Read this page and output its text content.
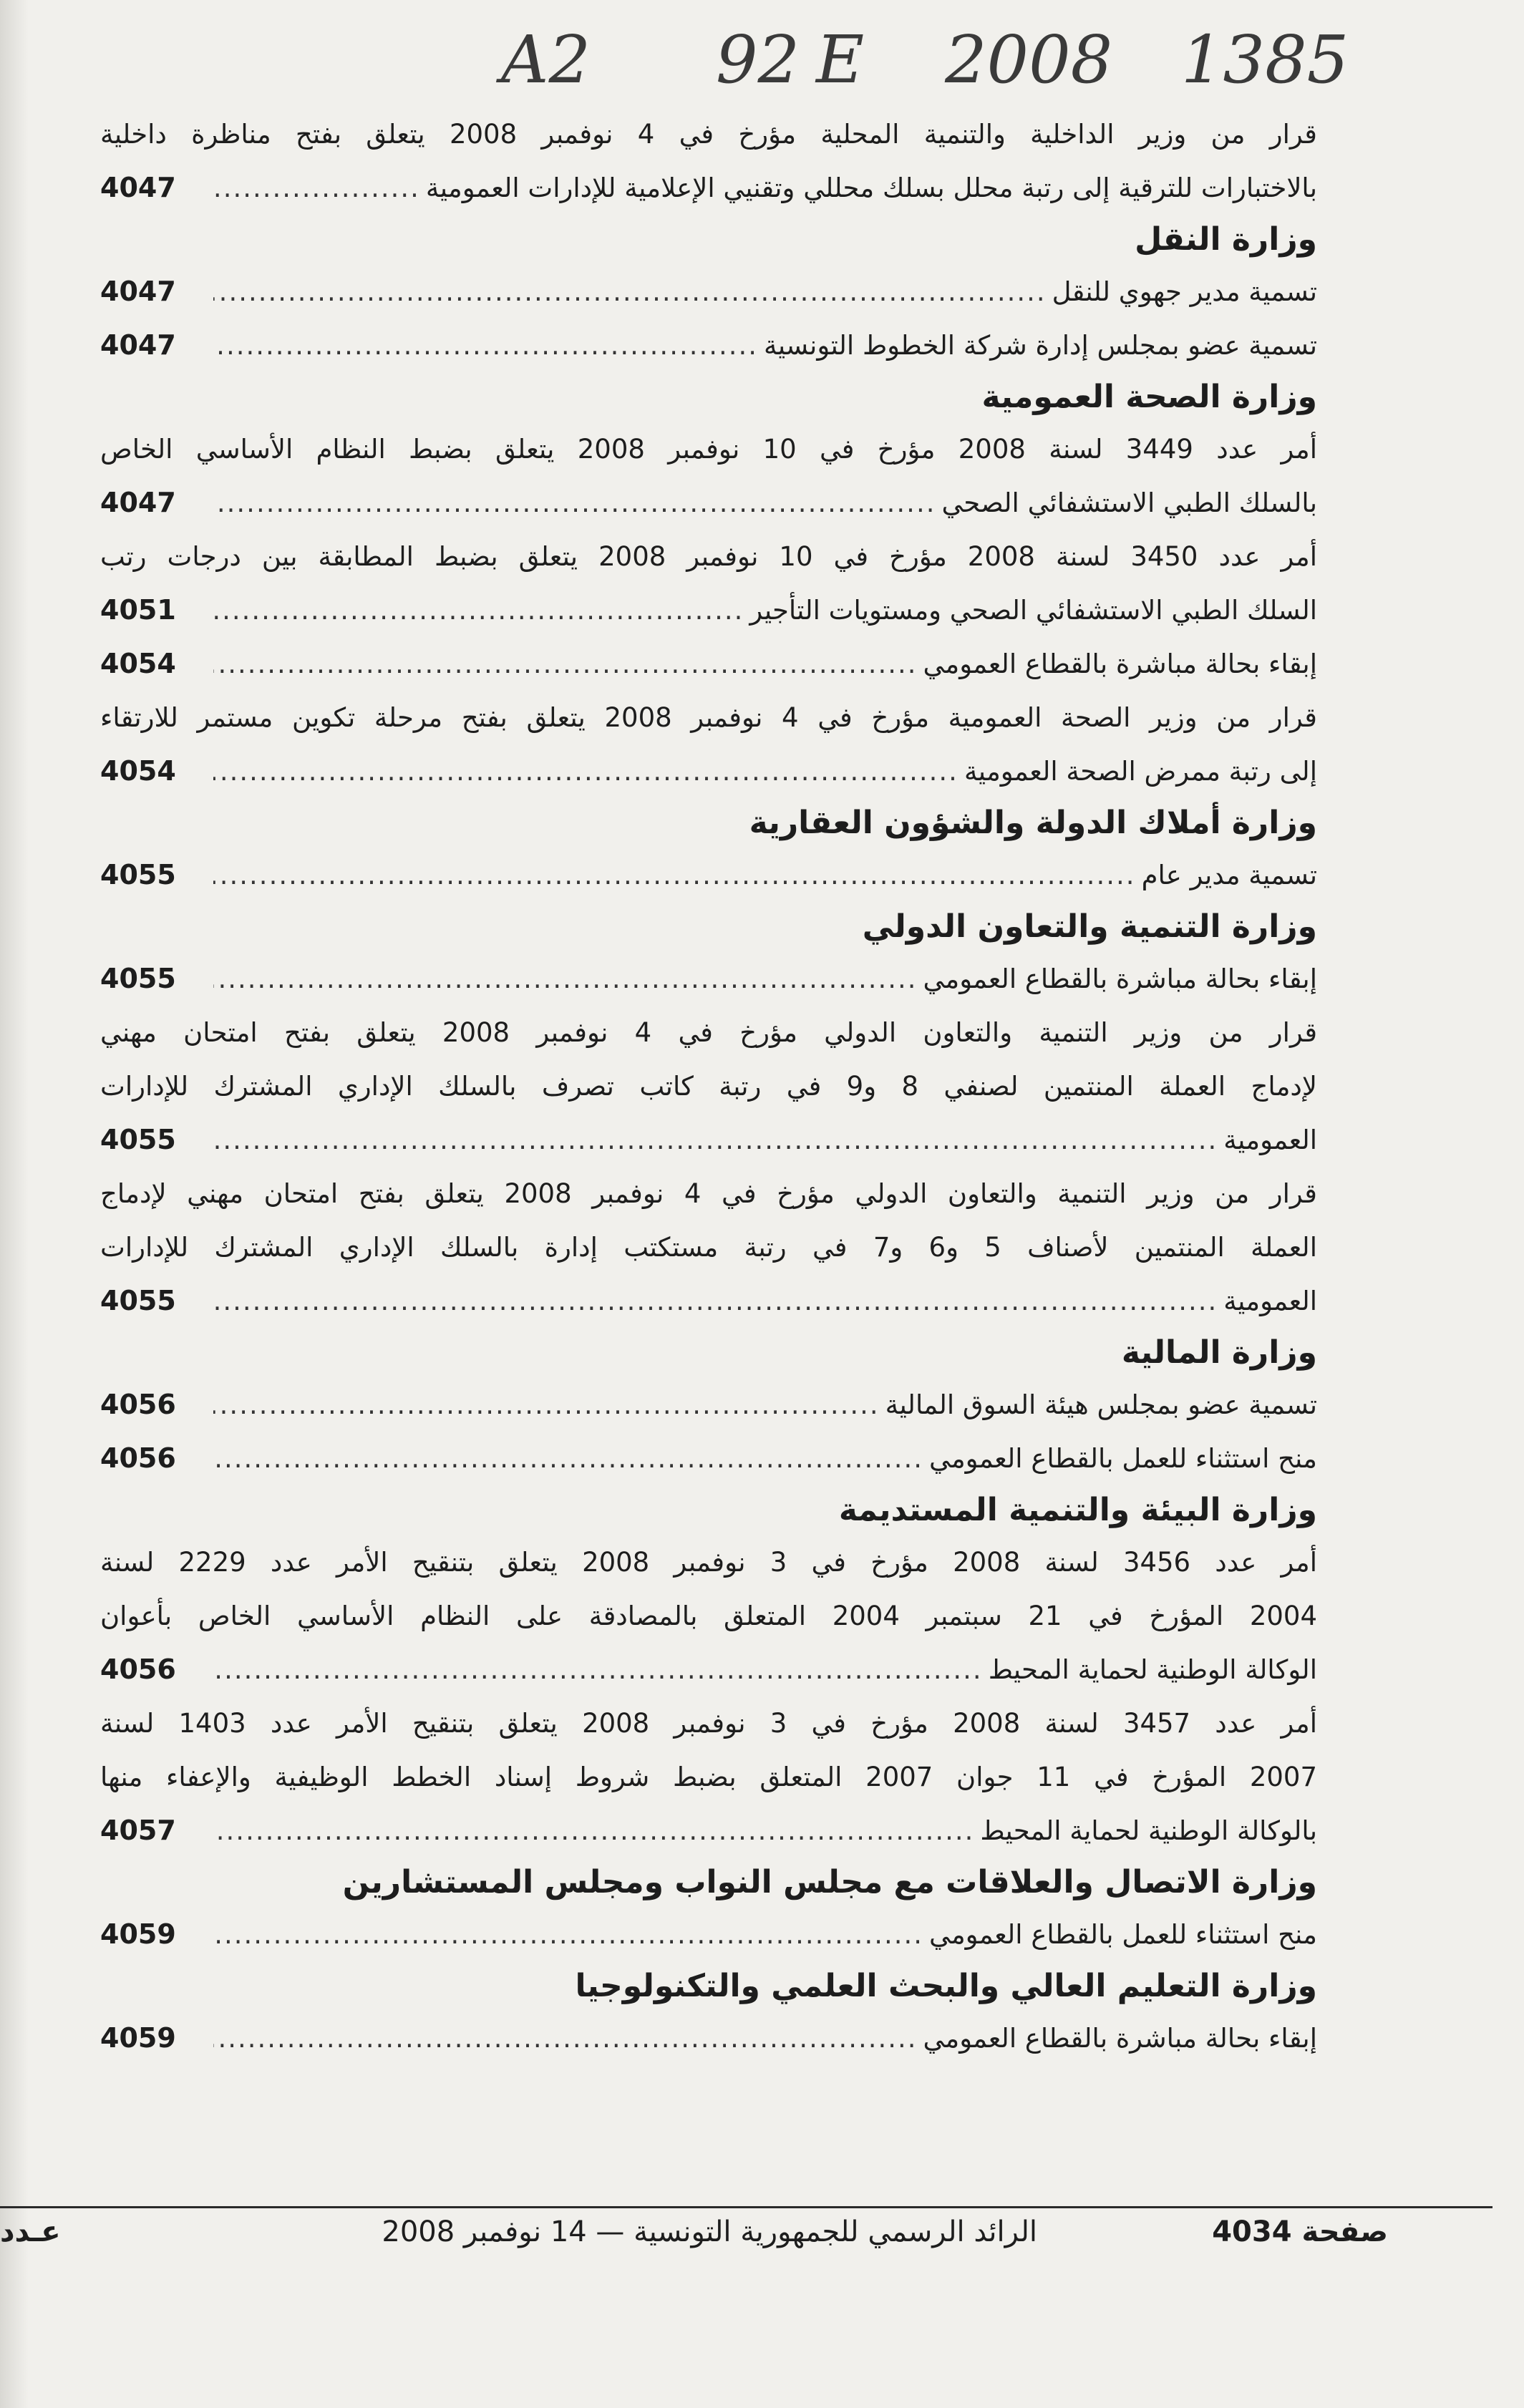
A2 92 E 2008 1385
قرار من وزير الداخلية والتنمية المحلية مؤرخ في 4 نوفمبر 2008 يتعلق بفتح مناظرة داخلية
بالاختبارات للترقية إلى رتبة محلل بسلك محللي وتقنيي الإعلامية للإدارات العمومية
.....
4047
وزارة النقل
تسمية مدير جهوي للنقل
.....
4047
تسمية عضو بمجلس إدارة شركة الخطوط التونسية
.....
4047
وزارة الصحة العمومية
أمر عدد 3449 لسنة 2008 مؤرخ في 10 نوفمبر 2008 يتعلق بضبط النظام الأساسي الخاص
بالسلك الطبي الاستشفائي الصحي
.....
4047
أمر عدد 3450 لسنة 2008 مؤرخ في 10 نوفمبر 2008 يتعلق بضبط المطابقة بين درجات رتب
السلك الطبي الاستشفائي الصحي ومستويات التأجير
.....
4051
إبقاء بحالة مباشرة بالقطاع العمومي
.....
4054
قرار من وزير الصحة العمومية مؤرخ في 4 نوفمبر 2008 يتعلق بفتح مرحلة تكوين مستمر للارتقاء
إلى رتبة ممرض الصحة العمومية
.....
4054
وزارة أملاك الدولة والشؤون العقارية
تسمية مدير عام
.....
4055
وزارة التنمية والتعاون الدولي
إبقاء بحالة مباشرة بالقطاع العمومي
.....
4055
قرار من وزير التنمية والتعاون الدولي مؤرخ في 4 نوفمبر 2008 يتعلق بفتح امتحان مهني
لإدماج العملة المنتمين لصنفي 8 و9 في رتبة كاتب تصرف بالسلك الإداري المشترك للإدارات
العمومية
.....
4055
قرار من وزير التنمية والتعاون الدولي مؤرخ في 4 نوفمبر 2008 يتعلق بفتح امتحان مهني لإدماج
العملة المنتمين لأصناف 5 و6 و7 في رتبة مستكتب إدارة بالسلك الإداري المشترك للإدارات
العمومية
.....
4055
وزارة المالية
تسمية عضو بمجلس هيئة السوق المالية
.....
4056
منح استثناء للعمل بالقطاع العمومي
.....
4056
وزارة البيئة والتنمية المستديمة
أمر عدد 3456 لسنة 2008 مؤرخ في 3 نوفمبر 2008 يتعلق بتنقيح الأمر عدد 2229 لسنة
2004 المؤرخ في 21 سبتمبر 2004 المتعلق بالمصادقة على النظام الأساسي الخاص بأعوان
الوكالة الوطنية لحماية المحيط
.....
4056
أمر عدد 3457 لسنة 2008 مؤرخ في 3 نوفمبر 2008 يتعلق بتنقيح الأمر عدد 1403 لسنة
2007 المؤرخ في 11 جوان 2007 المتعلق بضبط شروط إسناد الخطط الوظيفية والإعفاء منها
بالوكالة الوطنية لحماية المحيط
.....
4057
وزارة الاتصال والعلاقات مع مجلس النواب ومجلس المستشارين
منح استثناء للعمل بالقطاع العمومي
.....
4059
وزارة التعليم العالي والبحث العلمي والتكنولوجيا
إبقاء بحالة مباشرة بالقطاع العمومي
.....
4059
صفحة 4034
الرائد الرسمي للجمهورية التونسية — 14 نوفمبر 2008
عـدد
